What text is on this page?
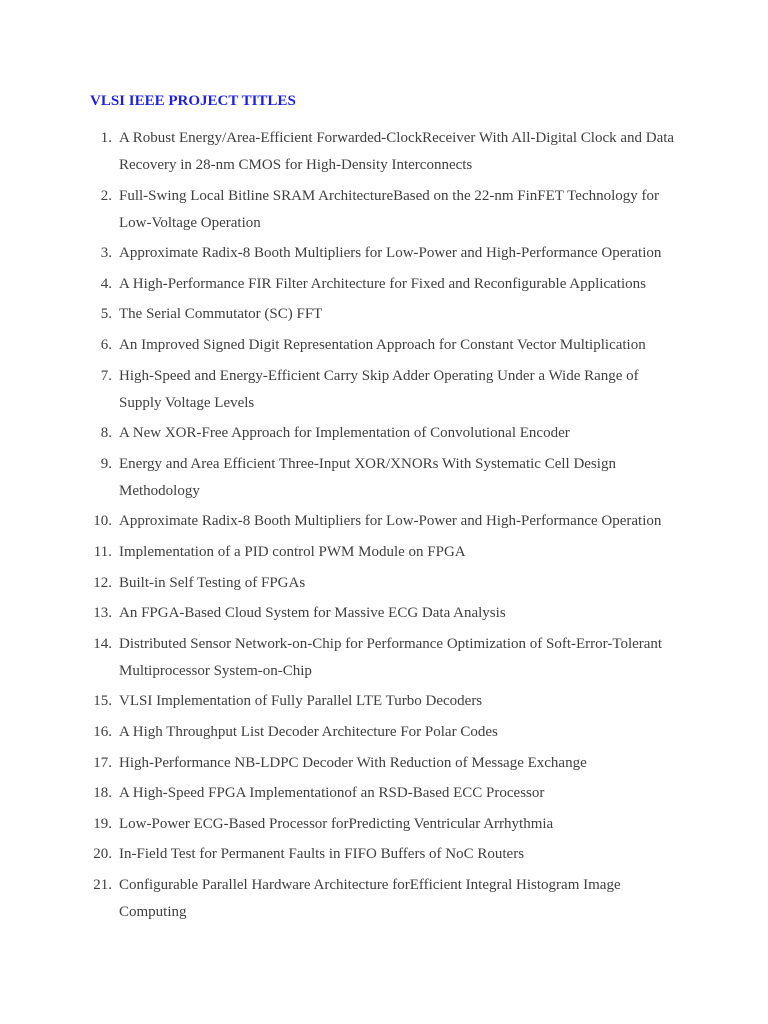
VLSI IEEE PROJECT TITLES
1. A Robust Energy/Area-Efficient Forwarded-ClockReceiver With All-Digital Clock and Data Recovery in 28-nm CMOS for High-Density Interconnects
2. Full-Swing Local Bitline SRAM ArchitectureBased on the 22-nm FinFET Technology for Low-Voltage Operation
3. Approximate Radix-8 Booth Multipliers for Low-Power and High-Performance Operation
4. A High-Performance FIR Filter Architecture for Fixed and Reconfigurable Applications
5. The Serial Commutator (SC) FFT
6. An Improved Signed Digit Representation Approach for Constant Vector Multiplication
7. High-Speed and Energy-Efficient Carry Skip Adder Operating Under a Wide Range of Supply Voltage Levels
8. A New XOR-Free Approach for Implementation of Convolutional Encoder
9. Energy and Area Efficient Three-Input XOR/XNORs With Systematic Cell Design Methodology
10. Approximate Radix-8 Booth Multipliers for Low-Power and High-Performance Operation
11. Implementation of a PID control PWM Module on FPGA
12. Built-in Self Testing of FPGAs
13. An FPGA-Based Cloud System for Massive ECG Data Analysis
14. Distributed Sensor Network-on-Chip for Performance Optimization of Soft-Error-Tolerant Multiprocessor System-on-Chip
15. VLSI Implementation of Fully Parallel LTE Turbo Decoders
16. A High Throughput List Decoder Architecture For Polar Codes
17. High-Performance NB-LDPC Decoder With Reduction of Message Exchange
18. A High-Speed FPGA Implementationof an RSD-Based ECC Processor
19. Low-Power ECG-Based Processor forPredicting Ventricular Arrhythmia
20. In-Field Test for Permanent Faults in FIFO Buffers of NoC Routers
21. Configurable Parallel Hardware Architecture forEfficient Integral Histogram Image Computing
